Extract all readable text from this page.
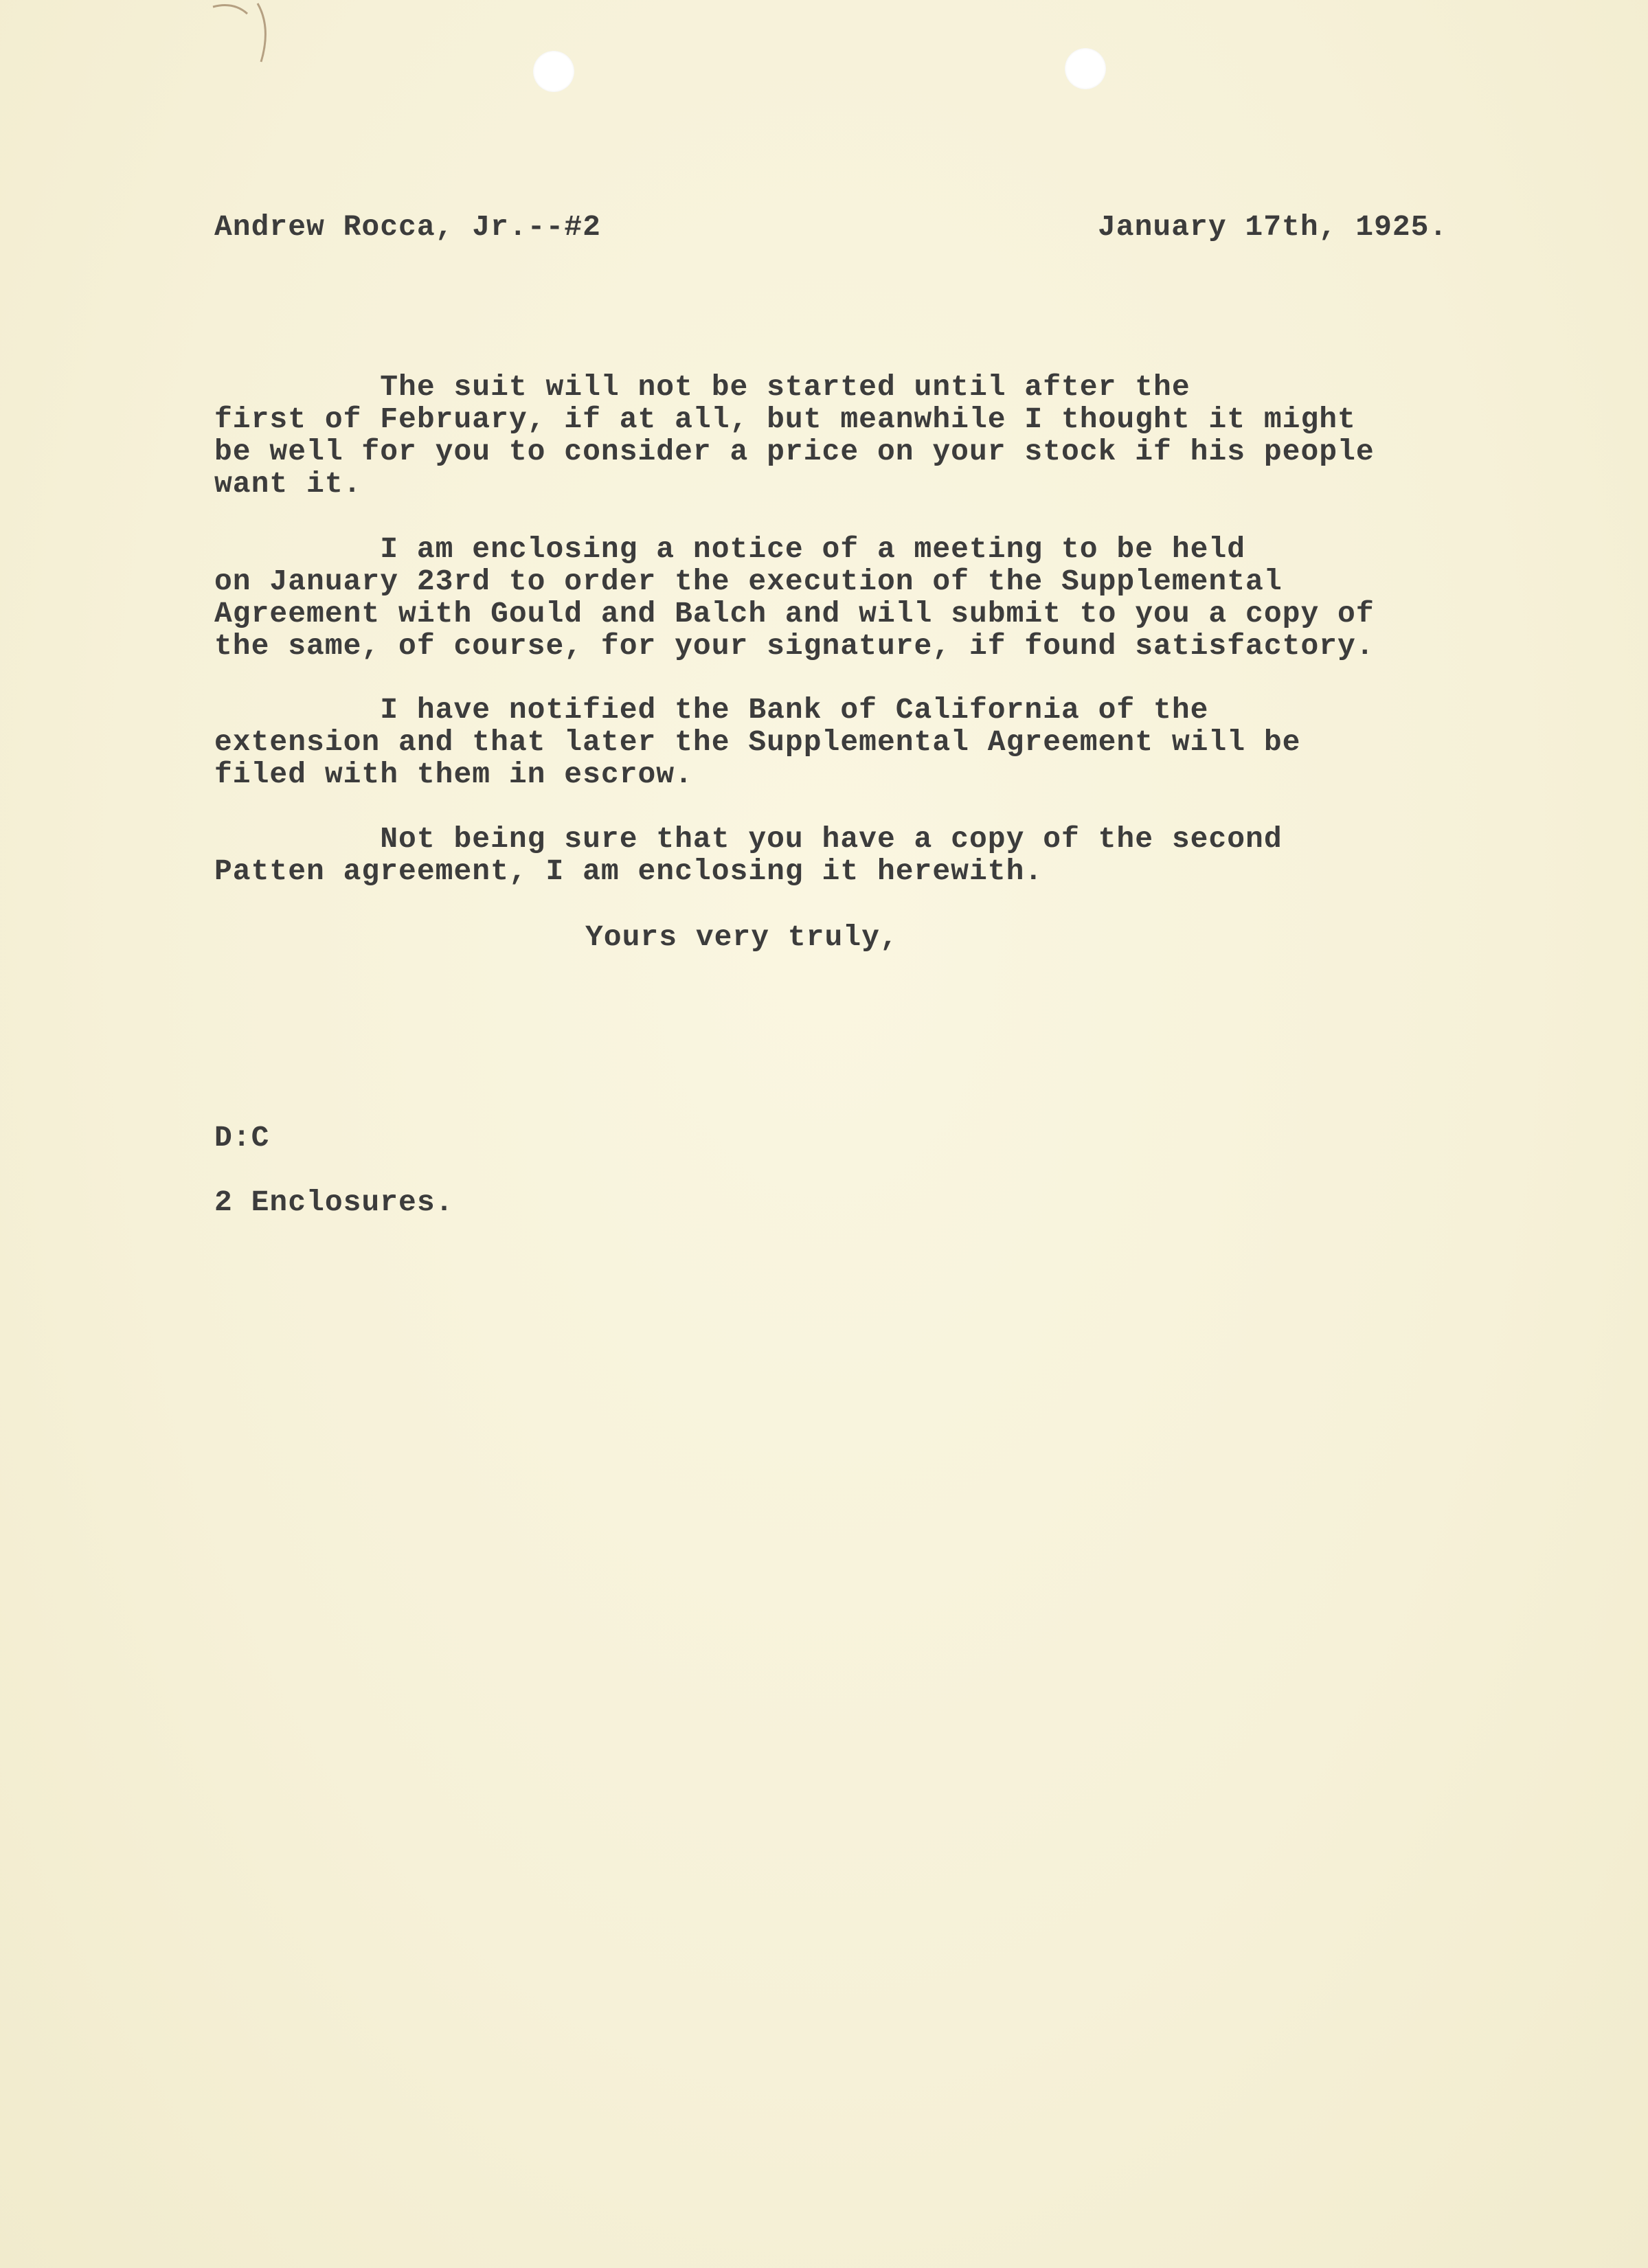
Andrew Rocca, Jr.--#2	January 17th, 1925.
The suit will not be started until after the
first of February, if at all, but meanwhile I thought it might
be well for you to consider a price on your stock if his people
want it.
I am enclosing a notice of a meeting to be held
on January 23rd to order the execution of the Supplemental
Agreement with Gould and Balch and will submit to you a copy of
the same, of course, for your signature, if found satisfactory.
I have notified the Bank of California of the
extension and that later the Supplemental Agreement will be
filed with them in escrow.
Not being sure that you have a copy of the second
Patten agreement, I am enclosing it herewith.
Yours very truly,
D:C
2 Enclosures.
